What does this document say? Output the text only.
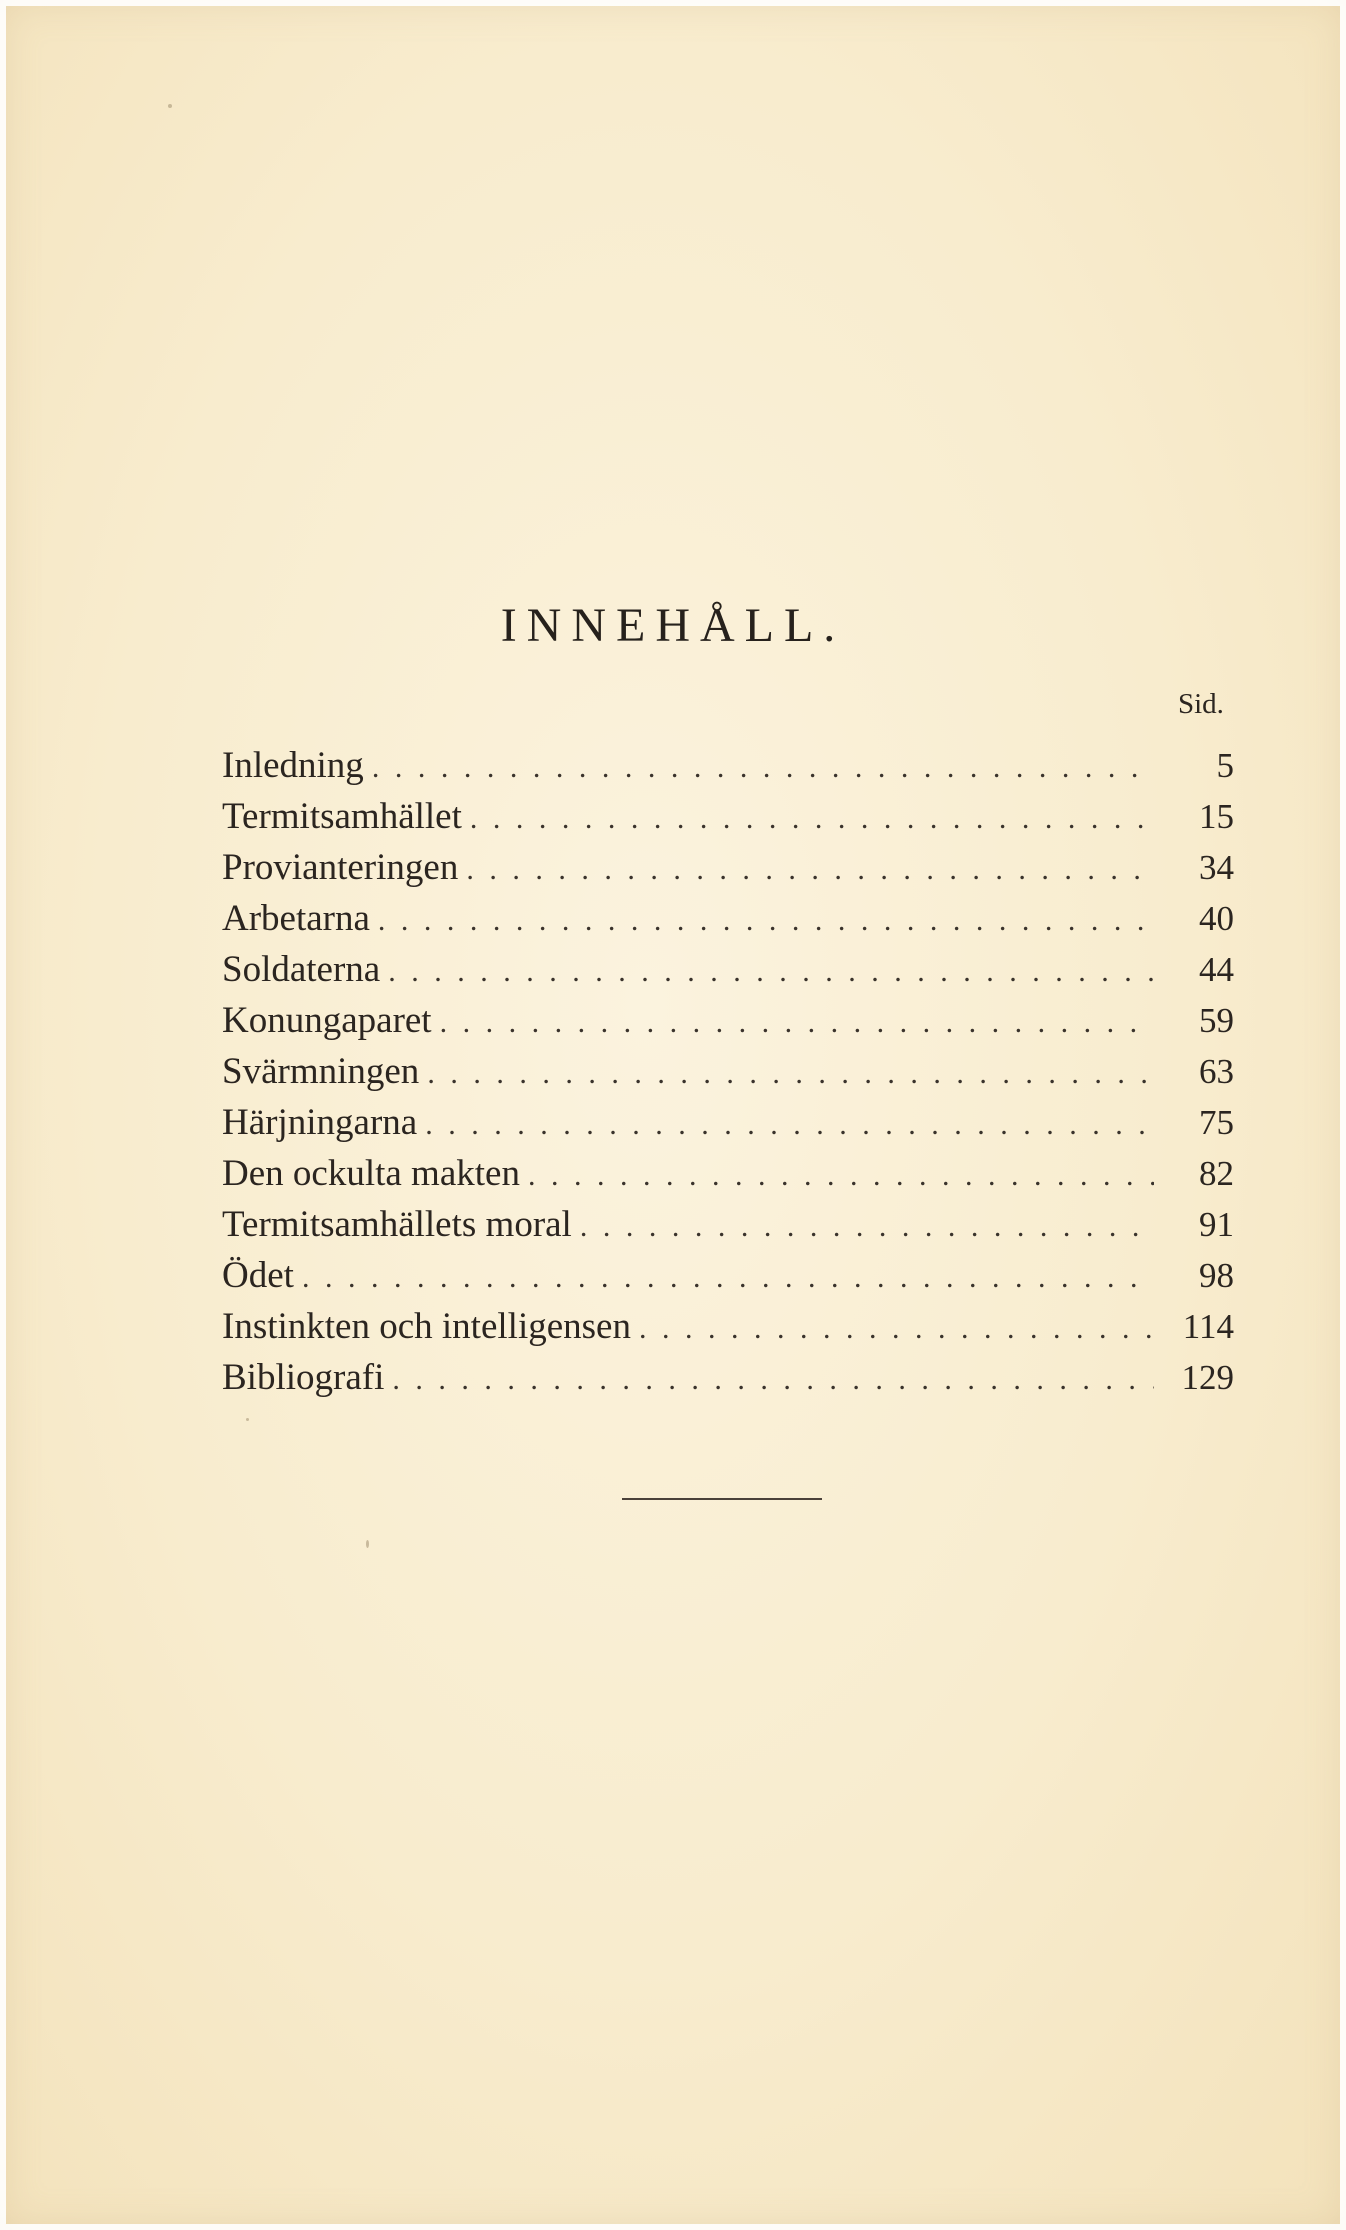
INNEHÅLL.
Sid.
Inledning . . .	5
Termitsamhället . . .	15
Provianteringen . . .	34
Arbetarna . . .	40
Soldaterna . . .	44
Konungaparet . . .	59
Svärmningen . . .	63
Härjningarna . . .	75
Den ockulta makten . . .	82
Termitsamhällets moral . . .	91
Ödet . . .	98
Instinkten och intelligensen . . .	114
Bibliografi . . .	129
